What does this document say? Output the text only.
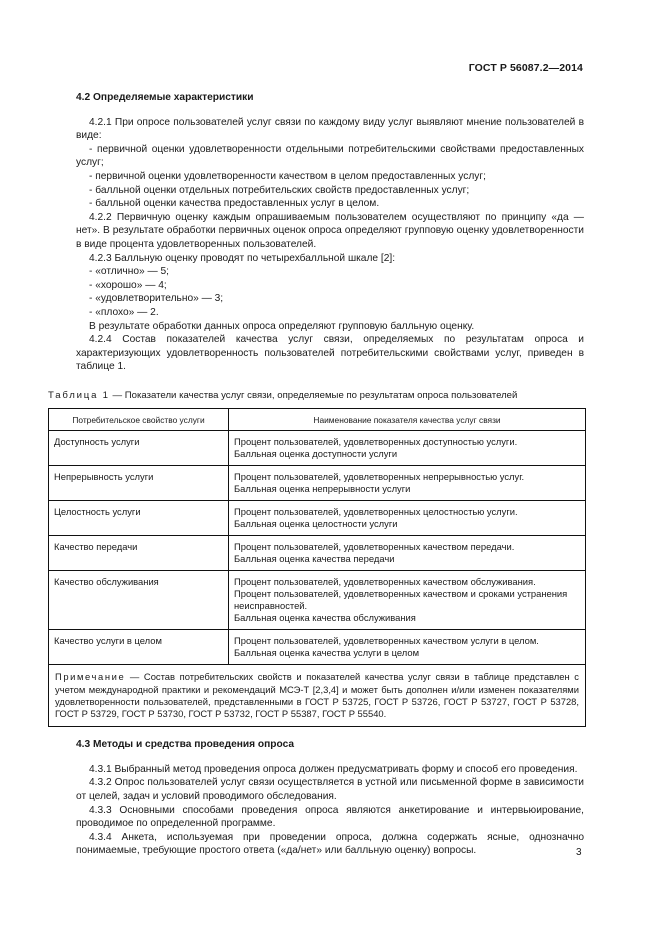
ГОСТ Р 56087.2—2014
4.2 Определяемые характеристики

4.2.1 При опросе пользователей услуг связи по каждому виду услуг выявляют мнение пользователей в виде:

- первичной оценки удовлетворенности отдельными потребительскими свойствами предоставленных услуг;

- первичной оценки удовлетворенности качеством в целом предоставленных услуг;

- балльной оценки отдельных потребительских свойств предоставленных услуг;

- балльной оценки качества предоставленных услуг в целом.

4.2.2 Первичную оценку каждым опрашиваемым пользователем осуществляют по принципу «да — нет». В результате обработки первичных оценок опроса определяют групповую оценку удовлетворенности в виде процента удовлетворенных пользователей.

4.2.3 Балльную оценку проводят по четырехбалльной шкале [2]:

- «отлично» — 5;

- «хорошо» — 4;

- «удовлетворительно» — 3;

- «плохо» — 2.

В результате обработки данных опроса определяют групповую балльную оценку.

4.2.4 Состав показателей качества услуг связи, определяемых по результатам опроса и характеризующих удовлетворенность пользователей потребительскими свойствами услуг, приведен в таблице 1.

Таблица 1 — Показатели качества услуг связи, определяемые по результатам опроса пользователей
Потребительское свойство услуги	Наименование показателя качества услуг связи
Доступность услуги	Процент пользователей, удовлетворенных доступностью услуги.
Балльная оценка доступности услуги

Непрерывность услуги	Процент пользователей, удовлетворенных непрерывностью услуг.
Балльная оценка непрерывности услуги

Целостность услуги	Процент пользователей, удовлетворенных целостностью услуги.
Балльная оценка целостности услуги

Качество передачи	Процент пользователей, удовлетворенных качеством передачи.
Балльная оценка качества передачи

Качество обслуживания	Процент пользователей, удовлетворенных качеством обслуживания.
Процент пользователей, удовлетворенных качеством и сроками устранения неисправностей.
Балльная оценка качества обслуживания

Качество услуги в целом	Процент пользователей, удовлетворенных качеством услуги в целом.
Балльная оценка качества услуги в целом

Примечание — Состав потребительских свойств и показателей качества услуг связи в таблице представлен с учетом международной практики и рекомендаций МСЭ-Т [2,3,4] и может быть дополнен и/или изменен показателями удовлетворенности пользователей, представленными в ГОСТ Р 53725, ГОСТ Р 53726, ГОСТ Р 53727, ГОСТ Р 53728, ГОСТ Р 53729, ГОСТ Р 53730, ГОСТ Р 53732, ГОСТ Р 55387, ГОСТ Р 55540.	
4.3 Методы и средства проведения опроса

4.3.1 Выбранный метод проведения опроса должен предусматривать форму и способ его проведения.

4.3.2 Опрос пользователей услуг связи осуществляется в устной или письменной форме в зависимости от целей, задач и условий проводимого обследования.

4.3.3 Основными способами проведения опроса являются анкетирование и интервьюирование, проводимое по определенной программе.

4.3.4 Анкета, используемая при проведении опроса, должна содержать ясные, однозначно понимаемые, требующие простого ответа («да/нет» или балльную оценку) вопросы.	3
